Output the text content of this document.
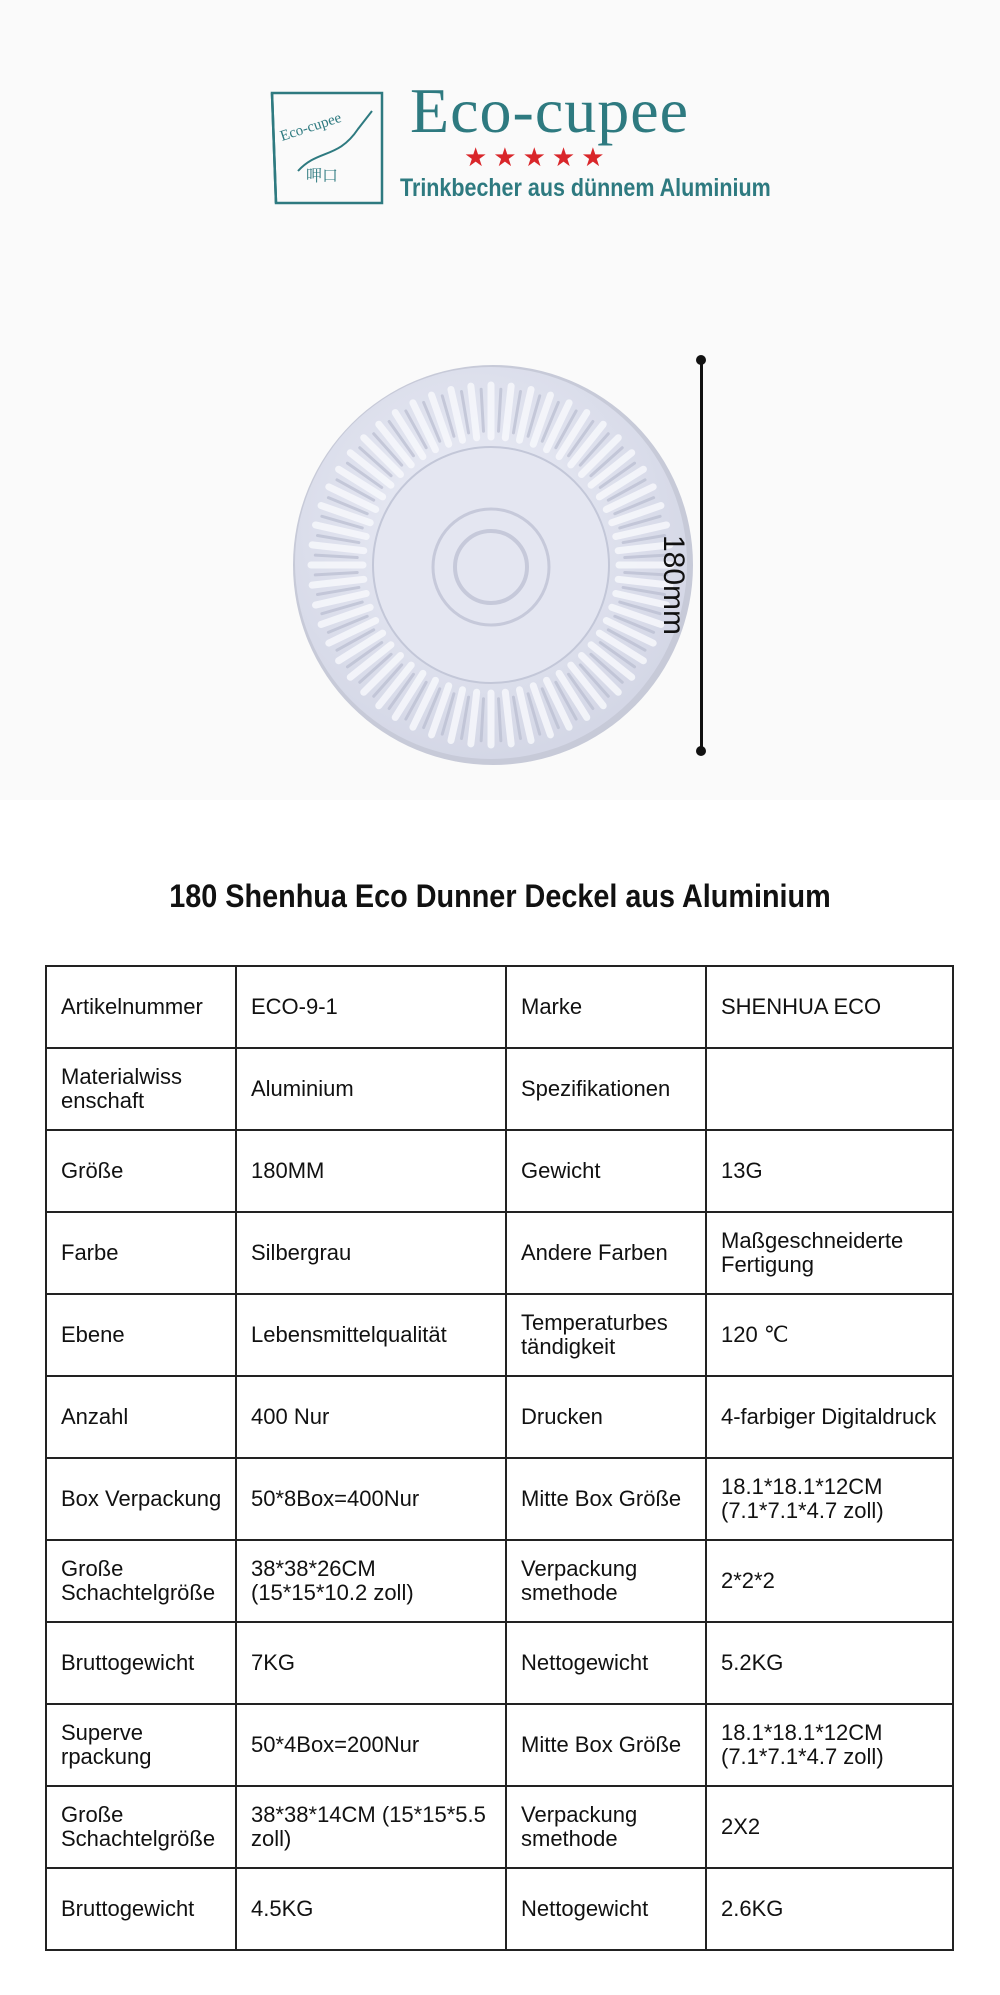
Eco-cupee
呷口
Eco-cupee
★★★★★
Trinkbecher aus dünnem Aluminium
180mm
180 Shenhua Eco Dunner Deckel aus Aluminium
Artikelnummer	ECO-9-1	Marke	SHENHUA ECO
Materialwiss enschaft	Aluminium	Spezifikationen	
Größe	180MM	Gewicht	13G
Farbe	Silbergrau	Andere Farben	Maßgeschneiderte Fertigung
Ebene	Lebensmittelqualität	Temperaturbes tändigkeit	120 ℃
Anzahl	400 Nur	Drucken	4-farbiger Digitaldruck
Box Verpackung	50*8Box=400Nur	Mitte Box Größe	18.1*18.1*12CM (7.1*7.1*4.7 zoll)
Große Schachtelgröße	38*38*26CM (15*15*10.2 zoll)	Verpackung smethode	2*2*2
Bruttogewicht	7KG	Nettogewicht	5.2KG
Superve rpackung	50*4Box=200Nur	Mitte Box Größe	18.1*18.1*12CM (7.1*7.1*4.7 zoll)
Große Schachtelgröße	38*38*14CM (15*15*5.5 zoll)	Verpackung smethode	2X2
Bruttogewicht	4.5KG	Nettogewicht	2.6KG
